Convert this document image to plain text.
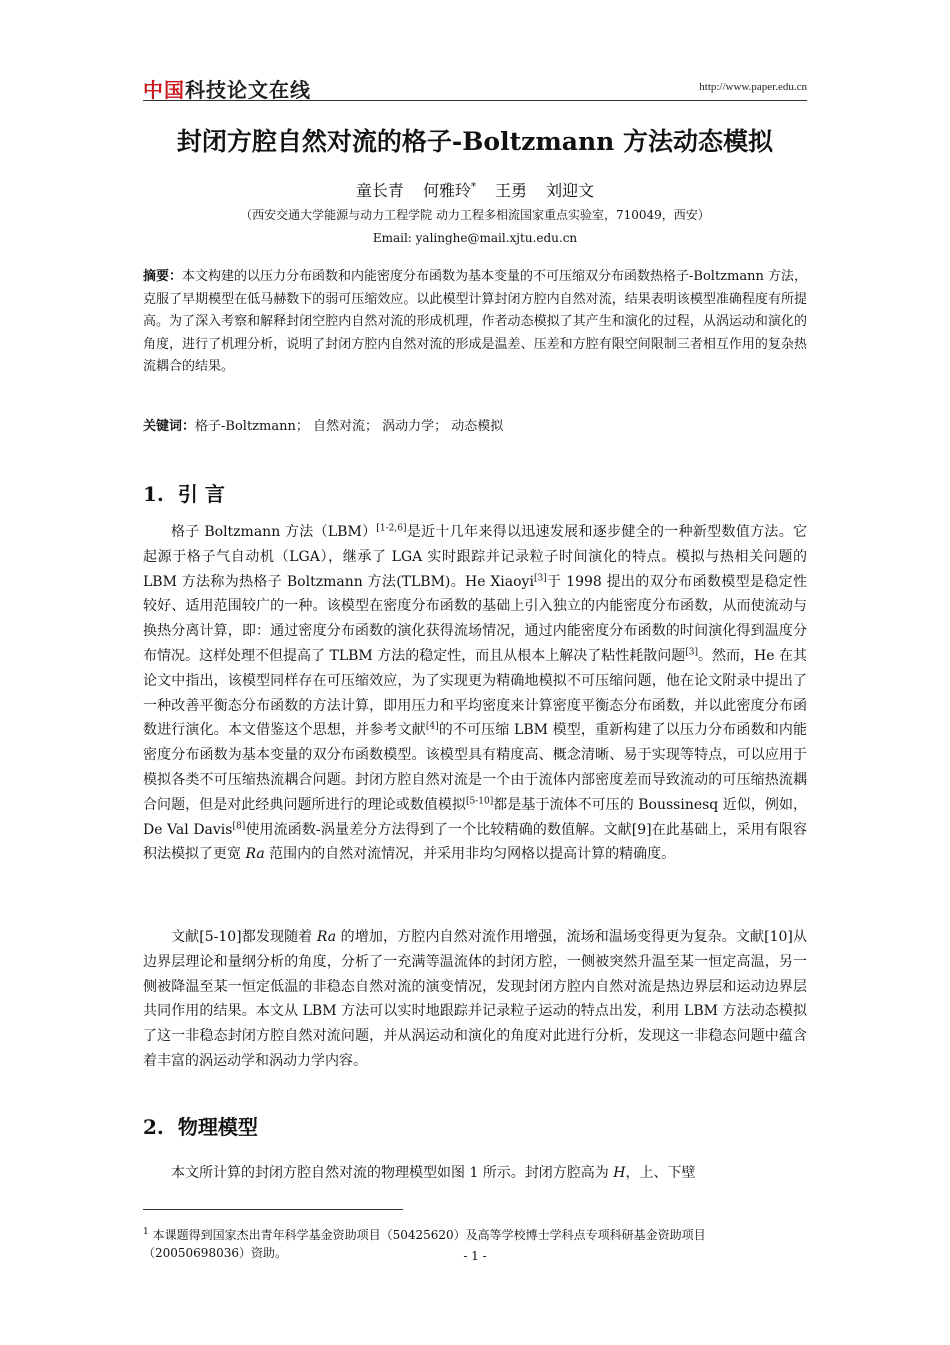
中国科技论文在线	http://www.paper.edu.cn
封闭方腔自然对流的格子-Boltzmann 方法动态模拟
童长青 何雅玲* 王勇 刘迎文
（西安交通大学能源与动力工程学院 动力工程多相流国家重点实验室，710049，西安）
Email: yalinghe@mail.xjtu.edu.cn
摘要：本文构建的以压力分布函数和内能密度分布函数为基本变量的不可压缩双分布函数热格子-Boltzmann 方法，克服了早期模型在低马赫数下的弱可压缩效应。以此模型计算封闭方腔内自然对流，结果表明该模型准确程度有所提高。为了深入考察和解释封闭空腔内自然对流的形成机理，作者动态模拟了其产生和演化的过程，从涡运动和演化的角度，进行了机理分析，说明了封闭方腔内自然对流的形成是温差、压差和方腔有限空间限制三者相互作用的复杂热流耦合的结果。
关键词：格子-Boltzmann； 自然对流； 涡动力学； 动态模拟
1. 引 言
格子 Boltzmann 方法（LBM）[1-2,6]是近十几年来得以迅速发展和逐步健全的一种新型数值方法。它起源于格子气自动机（LGA），继承了 LGA 实时跟踪并记录粒子时间演化的特点。模拟与热相关问题的 LBM 方法称为热格子 Boltzmann 方法(TLBM)。He Xiaoyi[3]于 1998 提出的双分布函数模型是稳定性较好、适用范围较广的一种。该模型在密度分布函数的基础上引入独立的内能密度分布函数，从而使流动与换热分离计算，即：通过密度分布函数的演化获得流场情况，通过内能密度分布函数的时间演化得到温度分布情况。这样处理不但提高了 TLBM 方法的稳定性，而且从根本上解决了粘性耗散问题[3]。然而，He 在其论文中指出，该模型同样存在可压缩效应，为了实现更为精确地模拟不可压缩问题，他在论文附录中提出了一种改善平衡态分布函数的方法计算，即用压力和平均密度来计算密度平衡态分布函数，并以此密度分布函数进行演化。本文借鉴这个思想，并参考文献[4]的不可压缩 LBM 模型，重新构建了以压力分布函数和内能密度分布函数为基本变量的双分布函数模型。该模型具有精度高、概念清晰、易于实现等特点，可以应用于模拟各类不可压缩热流耦合问题。封闭方腔自然对流是一个由于流体内部密度差而导致流动的可压缩热流耦合问题，但是对此经典问题所进行的理论或数值模拟[5-10]都是基于流体不可压的 Boussinesq 近似，例如，De Val Davis[8]使用流函数-涡量差分方法得到了一个比较精确的数值解。文献[9]在此基础上，采用有限容积法模拟了更宽 Ra 范围内的自然对流情况，并采用非均匀网格以提高计算的精确度。
文献[5-10]都发现随着 Ra 的增加，方腔内自然对流作用增强，流场和温场变得更为复杂。文献[10]从边界层理论和量纲分析的角度，分析了一充满等温流体的封闭方腔，一侧被突然升温至某一恒定高温，另一侧被降温至某一恒定低温的非稳态自然对流的演变情况，发现封闭方腔内自然对流是热边界层和运动边界层共同作用的结果。本文从 LBM 方法可以实时地跟踪并记录粒子运动的特点出发，利用 LBM 方法动态模拟了这一非稳态封闭方腔自然对流问题，并从涡运动和演化的角度对此进行分析，发现这一非稳态问题中蕴含着丰富的涡运动学和涡动力学内容。
2. 物理模型
本文所计算的封闭方腔自然对流的物理模型如图 1 所示。封闭方腔高为 H，上、下壁
$^1$ 本课题得到国家杰出青年科学基金资助项目（50425620）及高等学校博士学科点专项科研基金资助项目
（20050698036）资助。	- 1 -
